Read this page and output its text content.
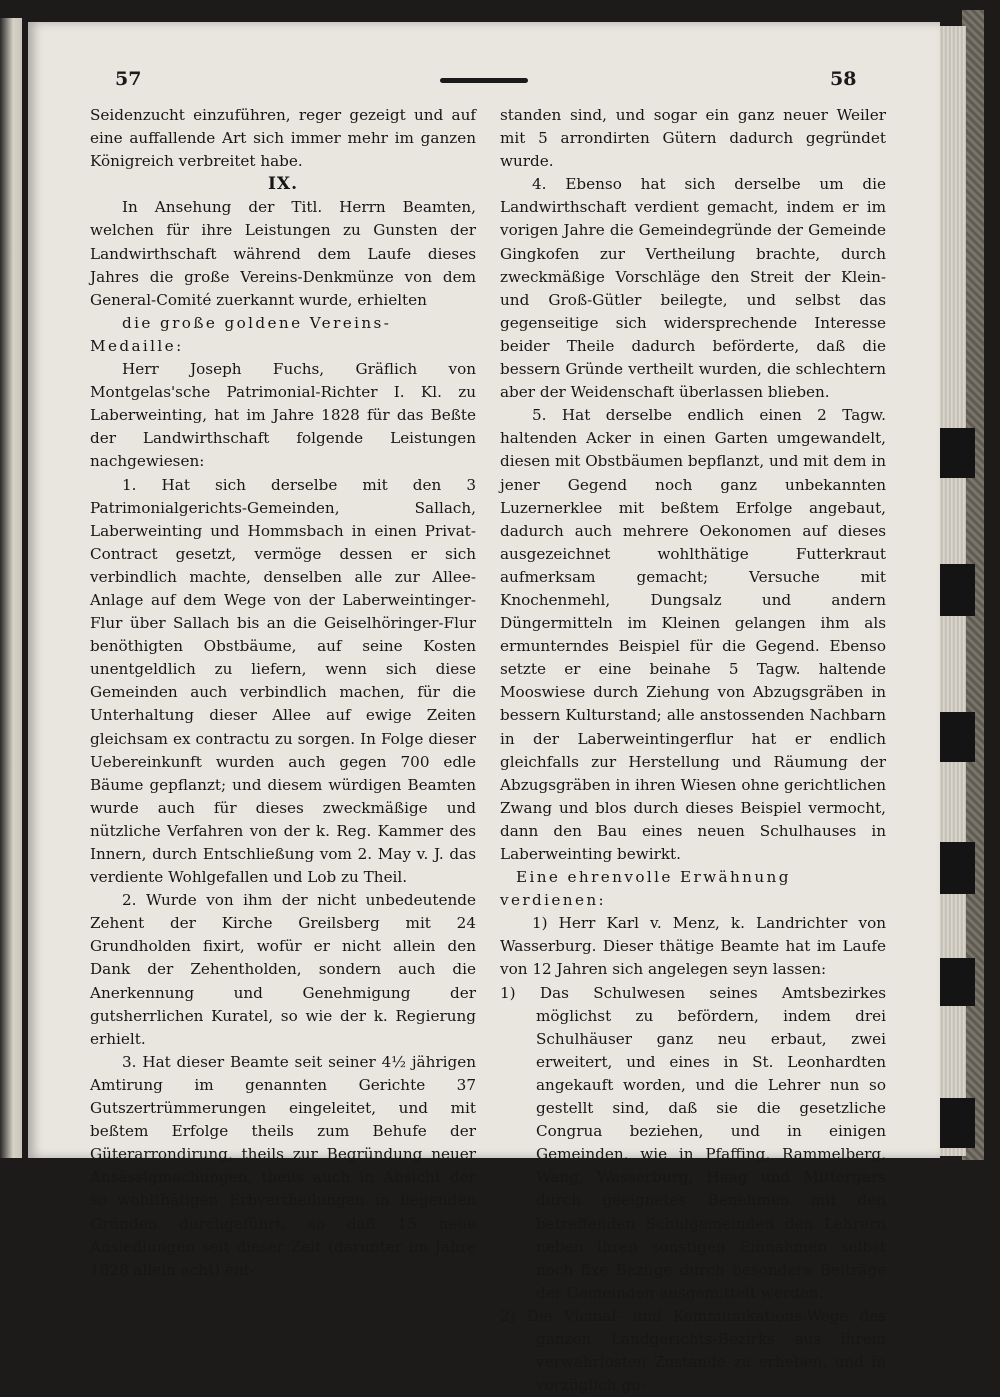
57	58

Seidenzucht einzuführen, reger gezeigt und auf eine auffallende Art sich immer mehr im ganzen Königreich verbreitet habe.

IX.

In Ansehung der Titl. Herrn Beamten, welchen für ihre Leistungen zu Gunsten der Landwirthschaft während dem Laufe dieses Jahres die große Vereins-Denkmünze von dem General-Comité zuerkannt wurde, erhielten

die große goldene Vereins-Medaille:

Herr Joseph Fuchs, Gräflich von Montgelas'sche Patrimonial-Richter I. Kl. zu Laberweinting, hat im Jahre 1828 für das Beßte der Landwirthschaft folgende Leistungen nachgewiesen:

1. Hat sich derselbe mit den 3 Patrimonialgerichts-Gemeinden, Sallach, Laberweinting und Hommsbach in einen Privat-Contract gesetzt, vermöge dessen er sich verbindlich machte, denselben alle zur Allee-Anlage auf dem Wege von der Laberweintinger-Flur über Sallach bis an die Geiselhöringer-Flur benöthigten Obstbäume, auf seine Kosten unentgeldlich zu liefern, wenn sich diese Gemeinden auch verbindlich machen, für die Unterhaltung dieser Allee auf ewige Zeiten gleichsam ex contractu zu sorgen. In Folge dieser Uebereinkunft wurden auch gegen 700 edle Bäume gepflanzt; und diesem würdigen Beamten wurde auch für dieses zweckmäßige und nützliche Verfahren von der k. Reg. Kammer des Innern, durch Entschließung vom 2. May v. J. das verdiente Wohlgefallen und Lob zu Theil.

2. Wurde von ihm der nicht unbedeutende Zehent der Kirche Greilsberg mit 24 Grundholden fixirt, wofür er nicht allein den Dank der Zehentholden, sondern auch die Anerkennung und Genehmigung der gutsherrlichen Kuratel, so wie der k. Regierung erhielt.

3. Hat dieser Beamte seit seiner 4½ jährigen Amtirung im genannten Gerichte 37 Gutszertrümmerungen eingeleitet, und mit beßtem Erfolge theils zum Behufe der Güterarrondirung, theils zur Begründung neuer Ansässigmachungen, theils auch in Absicht der so wohlthätigen Erbvertheilungen in liegenden Gründen durchgeführt, so daß 15 neue Ansiedlungen seit dieser Zeit (darunter im Jahre 1828 allein acht) ent-

standen sind, und sogar ein ganz neuer Weiler mit 5 arrondirten Gütern dadurch gegründet wurde.

4. Ebenso hat sich derselbe um die Landwirthschaft verdient gemacht, indem er im vorigen Jahre die Gemeindegründe der Gemeinde Gingkofen zur Vertheilung brachte, durch zweckmäßige Vorschläge den Streit der Klein- und Groß-Gütler beilegte, und selbst das gegenseitige sich widersprechende Interesse beider Theile dadurch beförderte, daß die bessern Gründe vertheilt wurden, die schlechtern aber der Weidenschaft überlassen blieben.

5. Hat derselbe endlich einen 2 Tagw. haltenden Acker in einen Garten umgewandelt, diesen mit Obstbäumen bepflanzt, und mit dem in jener Gegend noch ganz unbekannten Luzernerklee mit beßtem Erfolge angebaut, dadurch auch mehrere Oekonomen auf dieses ausgezeichnet wohlthätige Futterkraut aufmerksam gemacht; Versuche mit Knochenmehl, Dungsalz und andern Düngermitteln im Kleinen gelangen ihm als ermunterndes Beispiel für die Gegend. Ebenso setzte er eine beinahe 5 Tagw. haltende Mooswiese durch Ziehung von Abzugsgräben in bessern Kulturstand; alle anstossenden Nachbarn in der Laberweintingerflur hat er endlich gleichfalls zur Herstellung und Räumung der Abzugsgräben in ihren Wiesen ohne gerichtlichen Zwang und blos durch dieses Beispiel vermocht, dann den Bau eines neuen Schulhauses in Laberweinting bewirkt.

Eine ehrenvolle Erwähnung verdienen:

1) Herr Karl v. Menz, k. Landrichter von Wasserburg. Dieser thätige Beamte hat im Laufe von 12 Jahren sich angelegen seyn lassen:

1) Das Schulwesen seines Amtsbezirkes möglichst zu befördern, indem drei Schulhäuser ganz neu erbaut, zwei erweitert, und eines in St. Leonhardten angekauft worden, und die Lehrer nun so gestellt sind, daß sie die gesetzliche Congrua beziehen, und in einigen Gemeinden, wie in Pfaffing, Rammelberg, Wang, Wasserburg, Haag und Mittergars durch geeignetes Benehmen mit den betreffenden Schulgemeinden den Lehrern neben ihren sonstigen Einnahmen selbst noch fixe Bezüge durch besondere Beiträge der Gemeinden ausgemittelt werden.

2) Die Vicinal- und Kommunikations-Wege des ganzen Landgerichts-Bezirks aus ihrem verwahrlosten Zustande zu erheben, und in vorzüglich gu-
